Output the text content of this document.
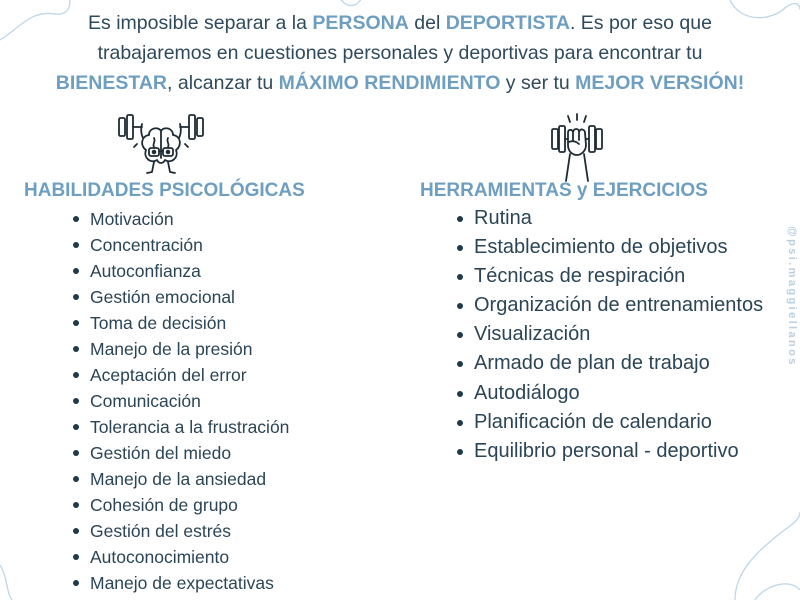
Es imposible separar a la PERSONA del DEPORTISTA. Es por eso que trabajaremos en cuestiones personales y deportivas para encontrar tu BIENESTAR, alcanzar tu MÁXIMO RENDIMIENTO y ser tu MEJOR VERSIÓN!

HABILIDADES PSICOLÓGICAS
Motivación
Concentración
Autoconfianza
Gestión emocional
Toma de decisión
Manejo de la presión
Aceptación del error
Comunicación
Tolerancia a la frustración
Gestión del miedo
Manejo de la ansiedad
Cohesión de grupo
Gestión del estrés
Autoconocimiento
Manejo de expectativas
HERRAMIENTAS y EJERCICIOS
Rutina
Establecimiento de objetivos
Técnicas de respiración
Organización de entrenamientos
Visualización
Armado de plan de trabajo
Autodiálogo
Planificación de calendario
Equilibrio personal - deportivo
@psi.maggiellanos
